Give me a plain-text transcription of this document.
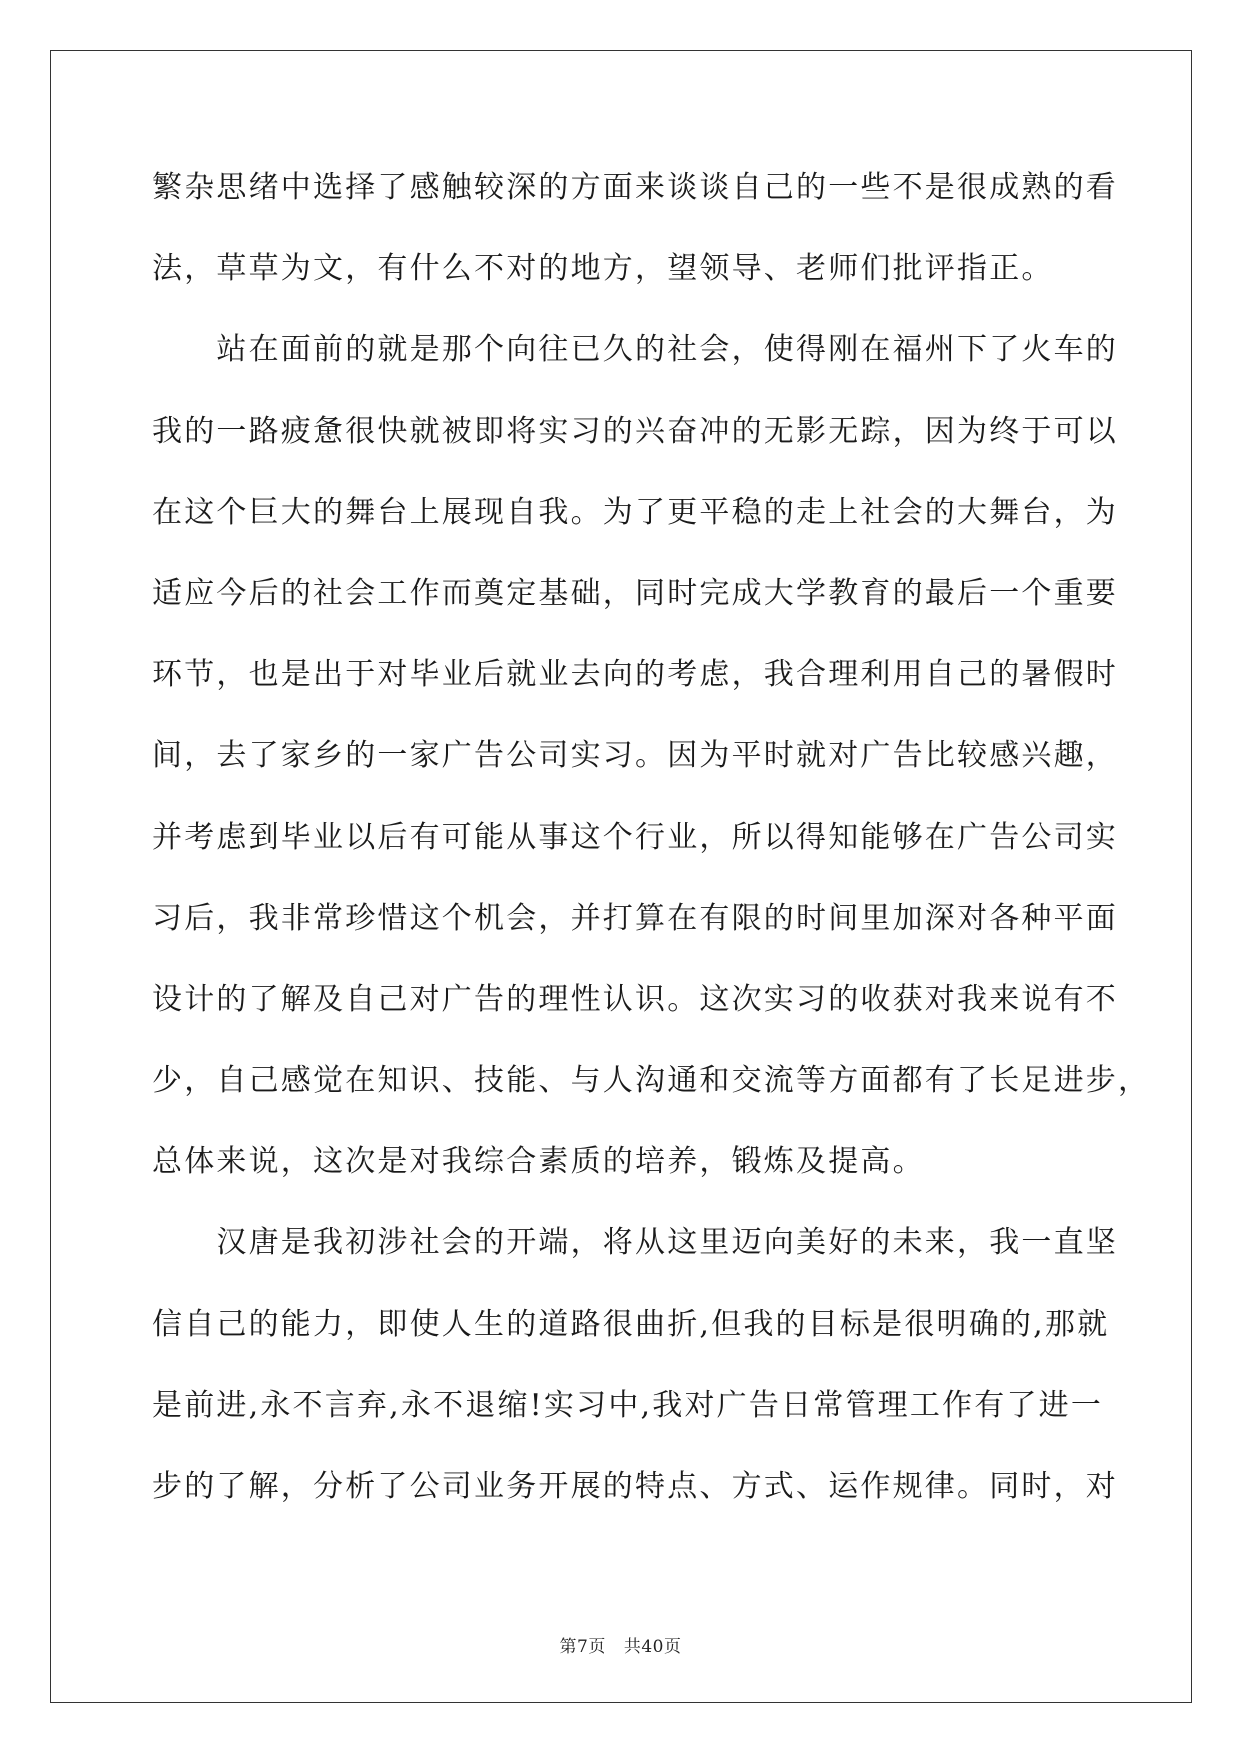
繁杂思绪中选择了感触较深的方面来谈谈自己的一些不是很成熟的看
法，草草为文，有什么不对的地方，望领导、老师们批评指正。
　　站在面前的就是那个向往已久的社会，使得刚在福州下了火车的
我的一路疲惫很快就被即将实习的兴奋冲的无影无踪，因为终于可以
在这个巨大的舞台上展现自我。为了更平稳的走上社会的大舞台，为
适应今后的社会工作而奠定基础，同时完成大学教育的最后一个重要
环节，也是出于对毕业后就业去向的考虑，我合理利用自己的暑假时
间，去了家乡的一家广告公司实习。因为平时就对广告比较感兴趣，
并考虑到毕业以后有可能从事这个行业，所以得知能够在广告公司实
习后，我非常珍惜这个机会，并打算在有限的时间里加深对各种平面
设计的了解及自己对广告的理性认识。这次实习的收获对我来说有不
少，自己感觉在知识、技能、与人沟通和交流等方面都有了长足进步，
总体来说，这次是对我综合素质的培养，锻炼及提高。
　　汉唐是我初涉社会的开端，将从这里迈向美好的未来，我一直坚
信自己的能力，即使人生的道路很曲折,但我的目标是很明确的,那就
是前进,永不言弃,永不退缩!实习中,我对广告日常管理工作有了进一
步的了解，分析了公司业务开展的特点、方式、运作规律。同时，对
第7页 共40页
